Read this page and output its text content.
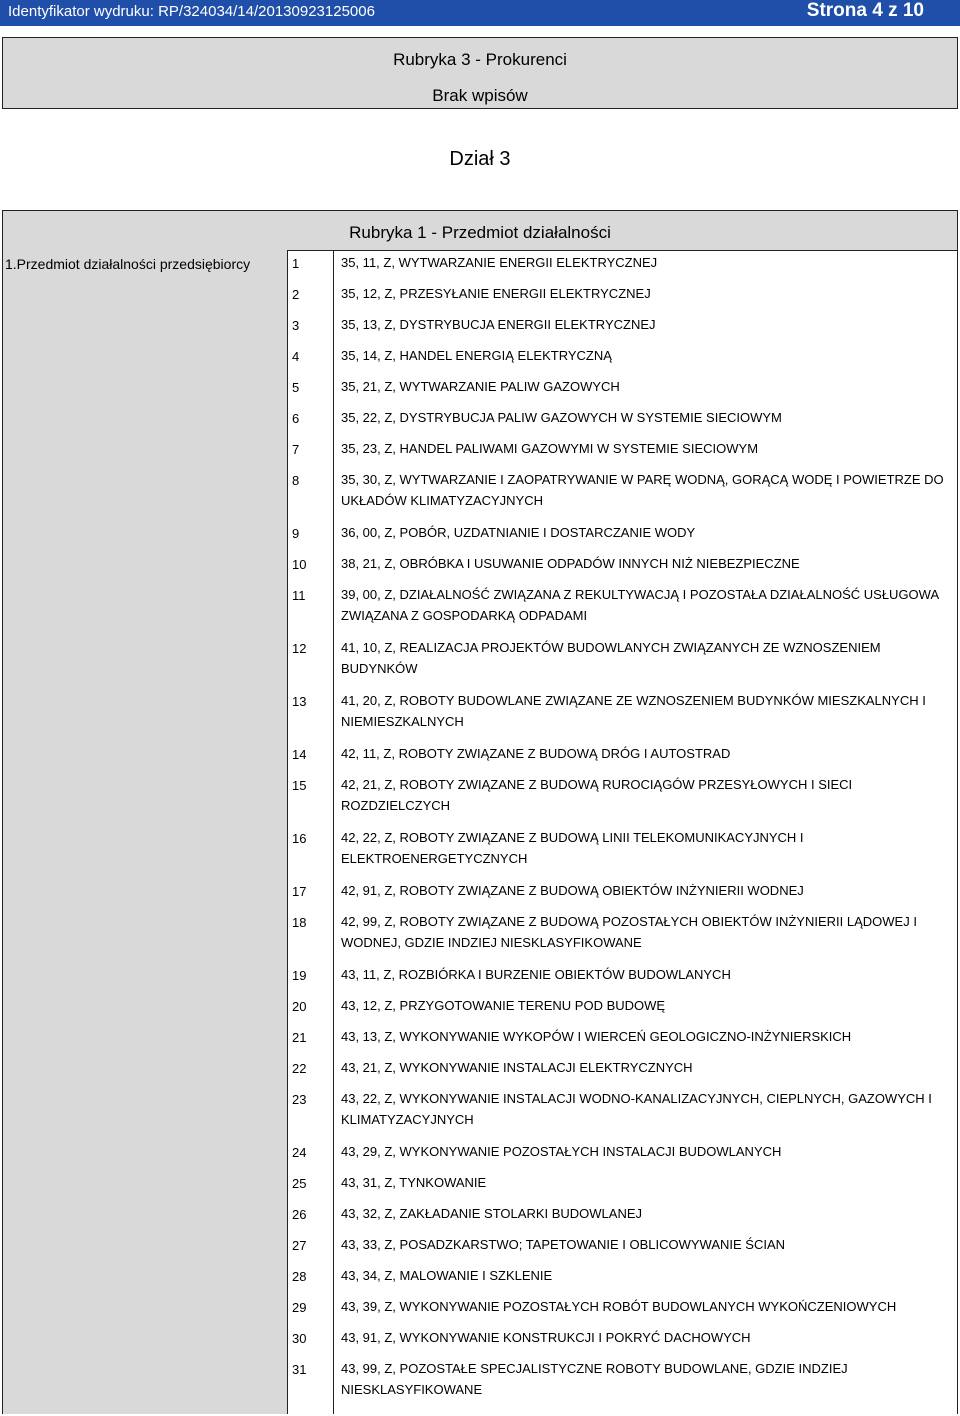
Identyfikator wydruku: RP/324034/14/20130923125006	Strona 4 z 10
Rubryka 3 - Prokurenci
Brak wpisów
Dział 3
Rubryka 1 - Przedmiot działalności
1.Przedmiot działalności przedsiębiorcy	1
2
3
4
5
6
7
8
9
10
11
12
13
14
15
16
17
18
19
20
21
22
23
24
25
26
27
28
29
30
31
35, 11, Z, WYTWARZANIE ENERGII ELEKTRYCZNEJ
35, 12, Z, PRZESYŁANIE ENERGII ELEKTRYCZNEJ
35, 13, Z, DYSTRYBUCJA ENERGII ELEKTRYCZNEJ
35, 14, Z, HANDEL ENERGIĄ ELEKTRYCZNĄ
35, 21, Z, WYTWARZANIE PALIW GAZOWYCH
35, 22, Z, DYSTRYBUCJA PALIW GAZOWYCH W SYSTEMIE SIECIOWYM
35, 23, Z, HANDEL PALIWAMI GAZOWYMI W SYSTEMIE SIECIOWYM
35, 30, Z, WYTWARZANIE I ZAOPATRYWANIE W PARĘ WODNĄ, GORĄCĄ WODĘ I POWIETRZE DO UKŁADÓW KLIMATYZACYJNYCH
36, 00, Z, POBÓR, UZDATNIANIE I DOSTARCZANIE WODY
38, 21, Z, OBRÓBKA I USUWANIE ODPADÓW INNYCH NIŻ NIEBEZPIECZNE
39, 00, Z, DZIAŁALNOŚĆ ZWIĄZANA Z REKULTYWACJĄ I POZOSTAŁA DZIAŁALNOŚĆ USŁUGOWA ZWIĄZANA Z GOSPODARKĄ ODPADAMI
41, 10, Z, REALIZACJA PROJEKTÓW BUDOWLANYCH ZWIĄZANYCH ZE WZNOSZENIEM BUDYNKÓW
41, 20, Z, ROBOTY BUDOWLANE ZWIĄZANE ZE WZNOSZENIEM BUDYNKÓW MIESZKALNYCH I NIEMIESZKALNYCH
42, 11, Z, ROBOTY ZWIĄZANE Z BUDOWĄ DRÓG I AUTOSTRAD
42, 21, Z, ROBOTY ZWIĄZANE Z BUDOWĄ RUROCIĄGÓW PRZESYŁOWYCH I SIECI ROZDZIELCZYCH
42, 22, Z, ROBOTY ZWIĄZANE Z BUDOWĄ LINII TELEKOMUNIKACYJNYCH I ELEKTROENERGETYCZNYCH
42, 91, Z, ROBOTY ZWIĄZANE Z BUDOWĄ OBIEKTÓW INŻYNIERII WODNEJ
42, 99, Z, ROBOTY ZWIĄZANE Z BUDOWĄ POZOSTAŁYCH OBIEKTÓW INŻYNIERII LĄDOWEJ I WODNEJ, GDZIE INDZIEJ NIESKLASYFIKOWANE
43, 11, Z, ROZBIÓRKA I BURZENIE OBIEKTÓW BUDOWLANYCH
43, 12, Z, PRZYGOTOWANIE TERENU POD BUDOWĘ
43, 13, Z, WYKONYWANIE WYKOPÓW I WIERCEŃ GEOLOGICZNO-INŻYNIERSKICH
43, 21, Z, WYKONYWANIE INSTALACJI ELEKTRYCZNYCH
43, 22, Z, WYKONYWANIE INSTALACJI WODNO-KANALIZACYJNYCH, CIEPLNYCH, GAZOWYCH I KLIMATYZACYJNYCH
43, 29, Z, WYKONYWANIE POZOSTAŁYCH INSTALACJI BUDOWLANYCH
43, 31, Z, TYNKOWANIE
43, 32, Z, ZAKŁADANIE STOLARKI BUDOWLANEJ
43, 33, Z, POSADZKARSTWO; TAPETOWANIE I OBLICOWYWANIE ŚCIAN
43, 34, Z, MALOWANIE I SZKLENIE
43, 39, Z, WYKONYWANIE POZOSTAŁYCH ROBÓT BUDOWLANYCH WYKOŃCZENIOWYCH
43, 91, Z, WYKONYWANIE KONSTRUKCJI I POKRYĆ DACHOWYCH
43, 99, Z, POZOSTAŁE SPECJALISTYCZNE ROBOTY BUDOWLANE, GDZIE INDZIEJ NIESKLASYFIKOWANE
